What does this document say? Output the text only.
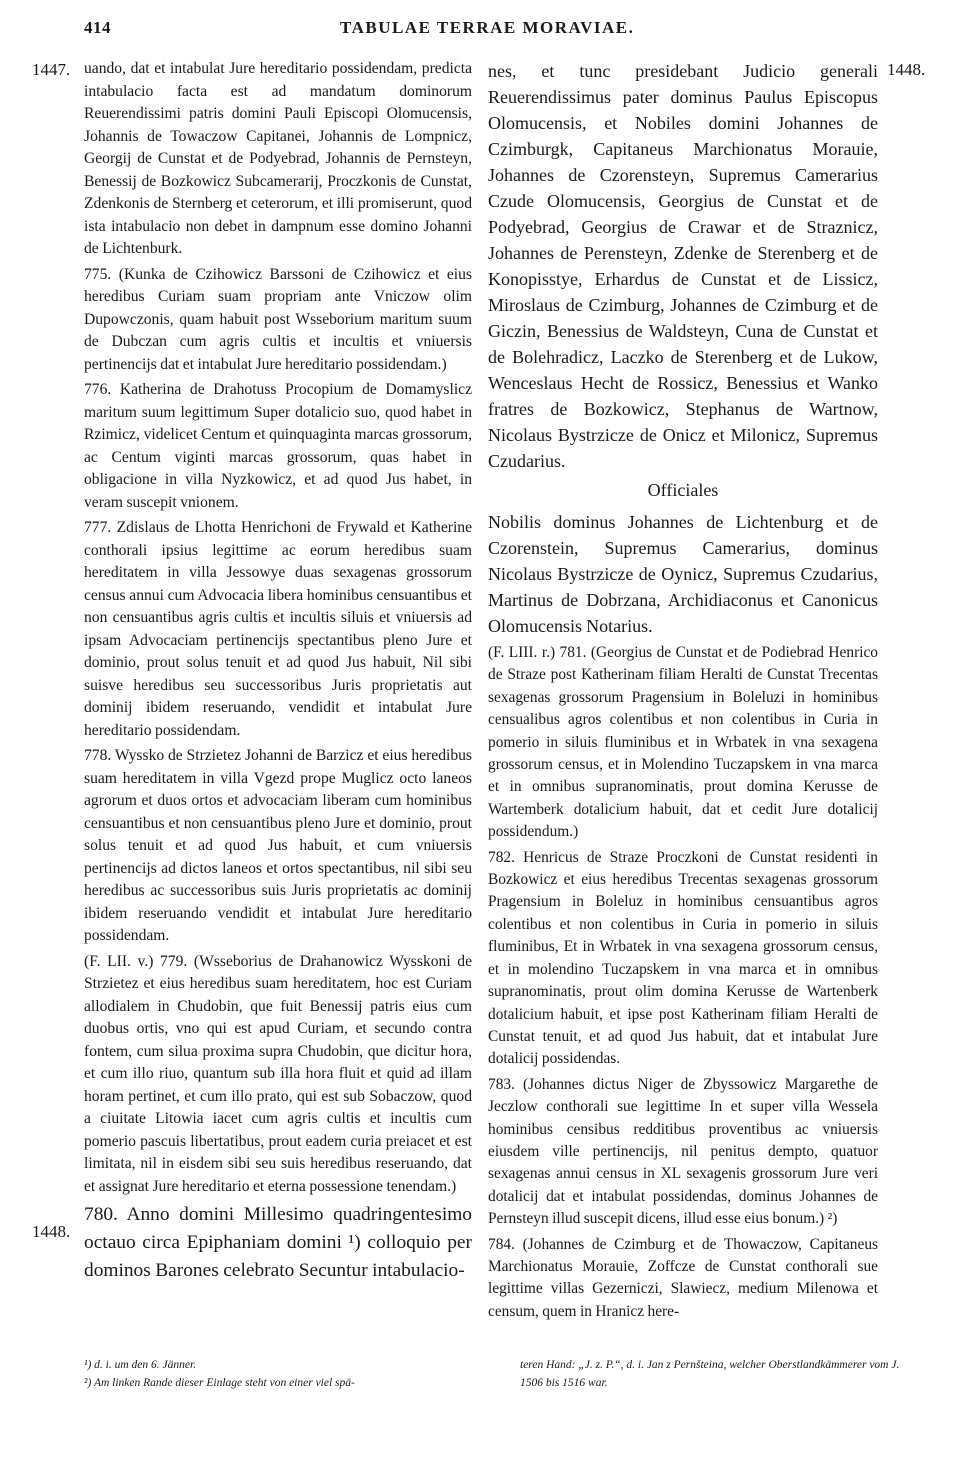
414	TABULAE TERRAE MORAVIAE.
1447.
1448.
1448.

uando, dat et intabulat Jure hereditario possidendam, predicta intabulacio facta est ad mandatum dominorum Reuerendissimi patris domini Pauli Episcopi Olomucensis, Johannis de Towaczow Capitanei, Johannis de Lompnicz, Georgij de Cunstat et de Podyebrad, Johannis de Pernsteyn, Benessij de Bozkowicz Subcamerarij, Proczkonis de Cunstat, Zdenkonis de Sternberg et ceterorum, et illi promiserunt, quod ista intabulacio non debet in dampnum esse domino Johanni de Lichtenburk.

775. (Kunka de Czihowicz Barssoni de Czihowicz et eius heredibus Curiam suam propriam ante Vniczow olim Dupowczonis, quam habuit post Wsseborium maritum suum de Dubczan cum agris cultis et incultis et vniuersis pertinencijs dat et intabulat Jure hereditario possidendam.)

776. Katherina de Drahotuss Procopium de Domamyslicz maritum suum legittimum Super dotalicio suo, quod habet in Rzimicz, videlicet Centum et quinquaginta marcas grossorum, ac Centum viginti marcas grossorum, quas habet in obligacione in villa Nyzkowicz, et ad quod Jus habet, in veram suscepit vnionem.

777. Zdislaus de Lhotta Henrichoni de Frywald et Katherine conthorali ipsius legittime ac eorum heredibus suam hereditatem in villa Jessowye duas sexagenas grossorum census annui cum Advocacia libera hominibus censuantibus et non censuantibus agris cultis et incultis siluis et vniuersis ad ipsam Advocaciam pertinencijs spectantibus pleno Jure et dominio, prout solus tenuit et ad quod Jus habuit, Nil sibi suisve heredibus seu successoribus Juris proprietatis aut dominij ibidem reseruando, vendidit et intabulat Jure hereditario possidendam.

778. Wyssko de Strzietez Johanni de Barzicz et eius heredibus suam hereditatem in villa Vgezd prope Muglicz octo laneos agrorum et duos ortos et advocaciam liberam cum hominibus censuantibus et non censuantibus pleno Jure et dominio, prout solus tenuit et ad quod Jus habuit, et cum vniuersis pertinencijs ad dictos laneos et ortos spectantibus, nil sibi seu heredibus ac successoribus suis Juris proprietatis ac dominij ibidem reseruando vendidit et intabulat Jure hereditario possidendam.

(F. LII. v.) 779. (Wsseborius de Drahanowicz Wysskoni de Strzietez et eius heredibus suam hereditatem, hoc est Curiam allodialem in Chudobin, que fuit Benessij patris eius cum duobus ortis, vno qui est apud Curiam, et secundo contra fontem, cum silua proxima supra Chudobin, que dicitur hora, et cum illo riuo, quantum sub illa hora fluit et quid ad illam horam pertinet, et cum illo prato, qui est sub Sobaczow, quod a ciuitate Litowia iacet cum agris cultis et incultis cum pomerio pascuis libertatibus, prout eadem curia preiacet et est limitata, nil in eisdem sibi seu suis heredibus reseruando, dat et assignat Jure hereditario et eterna possessione tenendam.)

780. Anno domini Millesimo quadringentesimo octauo circa Epiphaniam domini ¹) colloquio per dominos Barones celebrato Secuntur intabulacio-

nes, et tunc presidebant Judicio generali Reuerendissimus pater dominus Paulus Episcopus Olomucensis, et Nobiles domini Johannes de Czimburgk, Capitaneus Marchionatus Morauie, Johannes de Czorensteyn, Supremus Camerarius Czude Olomucensis, Georgius de Cunstat et de Podyebrad, Georgius de Crawar et de Straznicz, Johannes de Perensteyn, Zdenke de Sterenberg et de Konopisstye, Erhardus de Cunstat et de Lissicz, Miroslaus de Czimburg, Johannes de Czimburg et de Giczin, Benessius de Waldsteyn, Cuna de Cunstat et de Bolehradicz, Laczko de Sterenberg et de Lukow, Wenceslaus Hecht de Rossicz, Benessius et Wanko fratres de Bozkowicz, Stephanus de Wartnow, Nicolaus Bystrzicze de Onicz et Milonicz, Supremus Czudarius.

Officiales

Nobilis dominus Johannes de Lichtenburg et de Czorenstein, Supremus Camerarius, dominus Nicolaus Bystrzicze de Oynicz, Supremus Czudarius, Martinus de Dobrzana, Archidiaconus et Canonicus Olomucensis Notarius.

(F. LIII. r.) 781. (Georgius de Cunstat et de Podiebrad Henrico de Straze post Katherinam filiam Heralti de Cunstat Trecentas sexagenas grossorum Pragensium in Boleluzi in hominibus censualibus agros colentibus et non colentibus in Curia in pomerio in siluis fluminibus et in Wrbatek in vna sexagena grossorum census, et in Molendino Tuczapskem in vna marca et in omnibus supranominatis, prout domina Kerusse de Wartemberk dotalicium habuit, dat et cedit Jure dotalicij possidendum.)

782. Henricus de Straze Proczkoni de Cunstat residenti in Bozkowicz et eius heredibus Trecentas sexagenas grossorum Pragensium in Boleluz in hominibus censuantibus agros colentibus et non colentibus in Curia in pomerio in siluis fluminibus, Et in Wrbatek in vna sexagena grossorum census, et in molendino Tuczapskem in vna marca et in omnibus supranominatis, prout olim domina Kerusse de Wartenberk dotalicium habuit, et ipse post Katherinam filiam Heralti de Cunstat tenuit, et ad quod Jus habuit, dat et intabulat Jure dotalicij possidendas.

783. (Johannes dictus Niger de Zbyssowicz Margarethe de Jeczlow conthorali sue legittime In et super villa Wessela hominibus censibus redditibus proventibus ac vniuersis eiusdem ville pertinencijs, nil penitus dempto, quatuor sexagenas annui census in XL sexagenis grossorum Jure veri dotalicij dat et intabulat possidendas, dominus Johannes de Pernsteyn illud suscepit dicens, illud esse eius bonum.) ²)

784. (Johannes de Czimburg et de Thowaczow, Capitaneus Marchionatus Morauie, Zoffcze de Cunstat conthorali sue legittime villas Gezerniczi, Slawiecz, medium Milenowa et censum, quem in Hranicz here-

¹) d. i. um den 6. Jänner.
²) Am linken Rande dieser Einlage steht von einer viel spä-
teren Hand: „J. z. P.“, d. i. Jan z Pernšteina, welcher Oberstlandkämmerer vom J. 1506 bis 1516 war.
